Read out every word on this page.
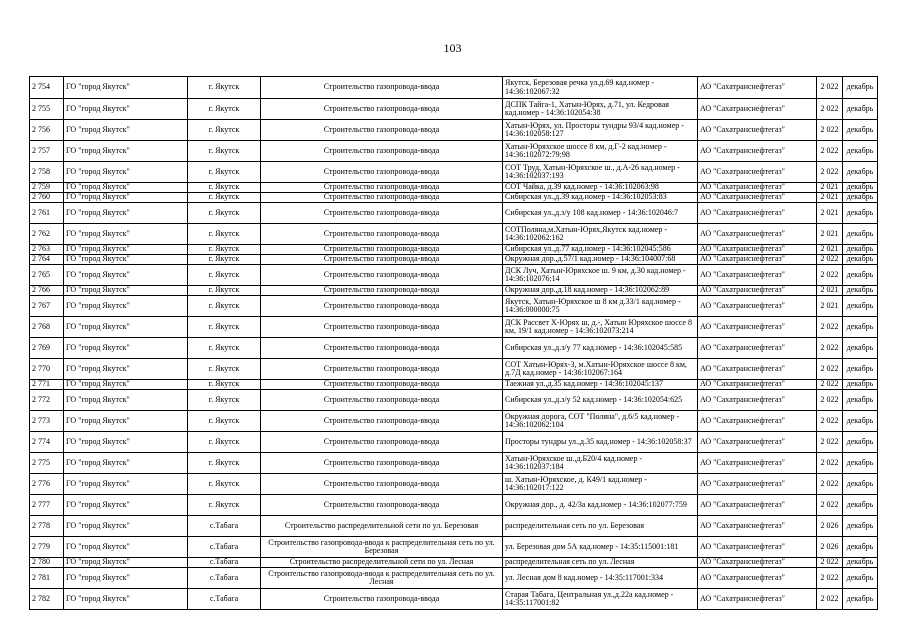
103
2 754	ГО "город Якутск"	г. Якутск	Строительство газопровода-ввода	Якутск, Березовая речка ул.д.69 кад.номер - 14:36:102067:32	АО "Сахатранснефтегаз"	2 022	декабрь
2 755	ГО "город Якутск"	г. Якутск	Строительство газопровода-ввода	ДСПК Тайга-1, Хатын-Юрях, д.71, ул. Кедровая кад.номер - 14:36:102054:38	АО "Сахатранснефтегаз"	2 022	декабрь
2 756	ГО "город Якутск"	г. Якутск	Строительство газопровода-ввода	Хатын-Юрях, ул. Просторы тундры 93/4 кад.номер - 14:36:102058:127	АО "Сахатранснефтегаз"	2 022	декабрь
2 757	ГО "город Якутск"	г. Якутск	Строительство газопровода-ввода	Хатын-Юряхское шоссе 8 км, д.Г-2 кад.номер - 14:36:102072:79:98	АО "Сахатранснефтегаз"	2 022	декабрь
2 758	ГО "город Якутск"	г. Якутск	Строительство газопровода-ввода	СОТ Труд, Хатын-Юряхское ш., д.А-26 кад.номер - 14:36:102037:193	АО "Сахатранснефтегаз"	2 022	декабрь
2 759	ГО "город Якутск"	г. Якутск	Строительство газопровода-ввода	СОТ Чайка, д.39 кад.номер - 14:36:102063:98	АО "Сахатранснефтегаз"	2 021	декабрь
2 760	ГО "город Якутск"	г. Якутск	Строительство газопровода-ввода	Сибирская ул.,д.39 кад.номер - 14:36:102053:83	АО "Сахатранснефтегаз"	2 021	декабрь
2 761	ГО "город Якутск"	г. Якутск	Строительство газопровода-ввода	Сибирская ул.,д.з/у 108 кад.номер - 14:36:102046:7	АО "Сахатранснефтегаз"	2 021	декабрь
2 762	ГО "город Якутск"	г. Якутск	Строительство газопровода-ввода	СОТПоляна,м.Хатын-Юрях,Якутск кад.номер - 14:36:102062:162	АО "Сахатранснефтегаз"	2 021	декабрь
2 763	ГО "город Якутск"	г. Якутск	Строительство газопровода-ввода	Сибирская ул.,д.77 кад.номер - 14:36:102045:586	АО "Сахатранснефтегаз"	2 021	декабрь
2 764	ГО "город Якутск"	г. Якутск	Строительство газопровода-ввода	Окружная дор.,д.57/1 кад.номер - 14:36:104007:68	АО "Сахатранснефтегаз"	2 022	декабрь
2 765	ГО "город Якутск"	г. Якутск	Строительство газопровода-ввода	ДСК Луч, Хатын-Юряхское ш. 9 км, д.30 кад.номер - 14:36:102076:14	АО "Сахатранснефтегаз"	2 022	декабрь
2 766	ГО "город Якутск"	г. Якутск	Строительство газопровода-ввода	Окружная дор.,д.18 кад.номер - 14:36:102062:89	АО "Сахатранснефтегаз"	2 021	декабрь
2 767	ГО "город Якутск"	г. Якутск	Строительство газопровода-ввода	Якутск, Хатын-Юряхское ш 8 км д.33/1 кад.номер - 14:36:000000:75	АО "Сахатранснефтегаз"	2 021	декабрь
2 768	ГО "город Якутск"	г. Якутск	Строительство газопровода-ввода	ДСК Рассвет Х-Юрях ш, д.-, Хатын Юряхское шоссе 8 км, 19/1 кад.номер - 14:36:102073:214	АО "Сахатранснефтегаз"	2 022	декабрь
2 769	ГО "город Якутск"	г. Якутск	Строительство газопровода-ввода	Сибирская ул.,д.з/у 77 кад.номер - 14:36:102045:585	АО "Сахатранснефтегаз"	2 022	декабрь
2 770	ГО "город Якутск"	г. Якутск	Строительство газопровода-ввода	СОТ Хатын-Юрях-3, м.Хатын-Юряхское шоссе 8 км, д.7Д кад.номер - 14:36:102067:164	АО "Сахатранснефтегаз"	2 022	декабрь
2 771	ГО "город Якутск"	г. Якутск	Строительство газопровода-ввода	Таежная ул.,д.35 кад.номер - 14:36:102045:137	АО "Сахатранснефтегаз"	2 022	декабрь
2 772	ГО "город Якутск"	г. Якутск	Строительство газопровода-ввода	Сибирская ул.,д.з/у 52 кад.номер - 14:36:102054:625	АО "Сахатранснефтегаз"	2 022	декабрь
2 773	ГО "город Якутск"	г. Якутск	Строительство газопровода-ввода	Окружная дорога, СОТ "Поляна", д.6/5 кад.номер - 14:36:102062:104	АО "Сахатранснефтегаз"	2 022	декабрь
2 774	ГО "город Якутск"	г. Якутск	Строительство газопровода-ввода	Просторы тундры ул.,д.35 кад.номер - 14:36:102058:37	АО "Сахатранснефтегаз"	2 022	декабрь
2 775	ГО "город Якутск"	г. Якутск	Строительство газопровода-ввода	Хатын-Юряхское ш.,д.Б20/4 кад.номер - 14:36:102037:184	АО "Сахатранснефтегаз"	2 022	декабрь
2 776	ГО "город Якутск"	г. Якутск	Строительство газопровода-ввода	ш. Хатын-Юряхское, д. К49/1 кад.номер - 14:36:102017:122	АО "Сахатранснефтегаз"	2 022	декабрь
2 777	ГО "город Якутск"	г. Якутск	Строительство газопровода-ввода	Окружная дор., д. 42/3а кад.номер - 14:36:102077:759	АО "Сахатранснефтегаз"	2 022	декабрь
2 778	ГО "город Якутск"	с.Табага	Строительство распределительной сети по ул. Березовая	распределительная сеть по ул. Березовая	АО "Сахатранснефтегаз"	2 026	декабрь
2 779	ГО "город Якутск"	с.Табага	Строительство газопровода-ввода к распределительная сеть по ул. Березовая	ул. Березовая дом 5А кад.номер - 14:35:115001:181	АО "Сахатранснефтегаз"	2 026	декабрь
2 780	ГО "город Якутск"	с.Табага	Строительство распределительной сети по ул. Лесная	распределительная сеть по ул. Лесная	АО "Сахатранснефтегаз"	2 022	декабрь
2 781	ГО "город Якутск"	с.Табага	Строительство газопровода-ввода к распределительная сеть по ул. Лесная	ул. Лесная дом 8 кад.номер - 14:35:117001:334	АО "Сахатранснефтегаз"	2 022	декабрь
2 782	ГО "город Якутск"	с.Табага	Строительство газопровода-ввода	Старая Табага, Центральная ул.,д.22а кад.номер - 14:35:117001:82	АО "Сахатранснефтегаз"	2 022	декабрь
